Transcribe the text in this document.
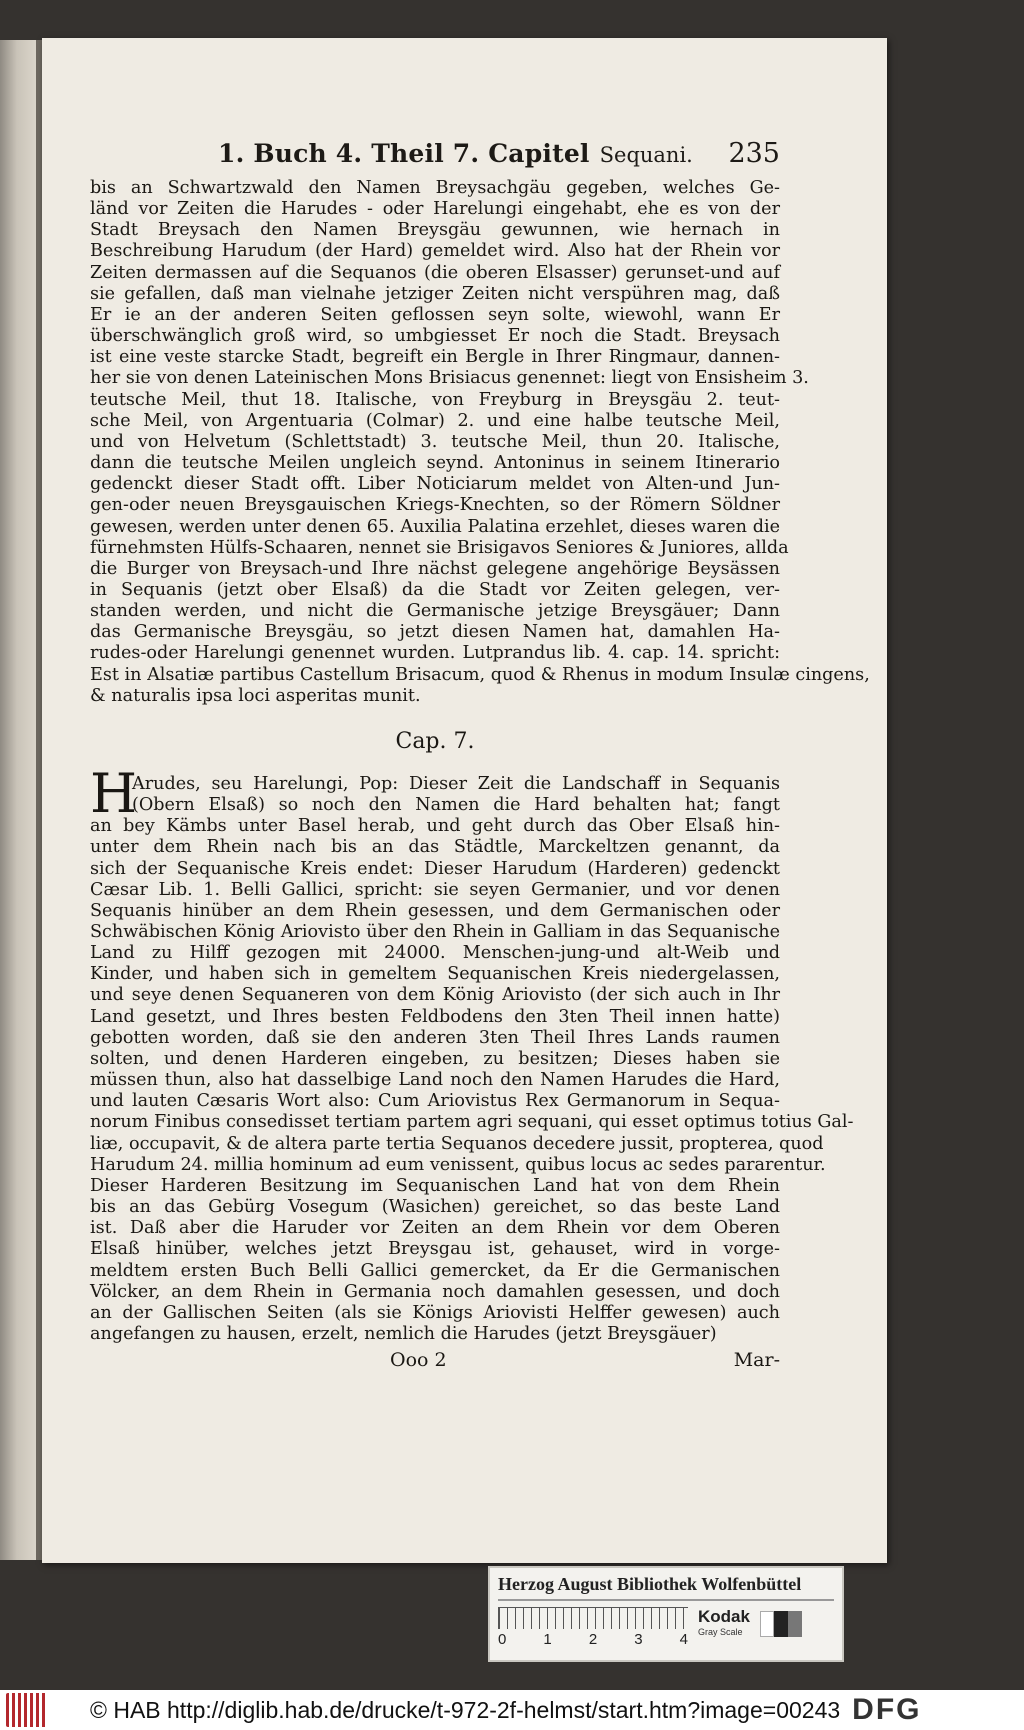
1. Buch 4. Theil 7. Capitel Sequani. 235
bis an Schwartzwald den Namen Breysachgäu gegeben, welches Ge-
länd vor Zeiten die Harudes - oder Harelungi eingehabt, ehe es von der
Stadt Breysach den Namen Breysgäu gewunnen, wie hernach in
Beschreibung Harudum (der Hard) gemeldet wird. Also hat der Rhein vor
Zeiten dermassen auf die Sequanos (die oberen Elsasser) gerunset-und auf
sie gefallen, daß man vielnahe jetziger Zeiten nicht verspühren mag, daß
Er ie an der anderen Seiten geflossen seyn solte, wiewohl, wann Er
überschwänglich groß wird, so umbgiesset Er noch die Stadt. Breysach
ist eine veste starcke Stadt, begreift ein Bergle in Ihrer Ringmaur, dannen-
her sie von denen Lateinischen Mons Brisiacus genennet: liegt von Ensisheim 3.
teutsche Meil, thut 18. Italische, von Freyburg in Breysgäu 2. teut-
sche Meil, von Argentuaria (Colmar) 2. und eine halbe teutsche Meil,
und von Helvetum (Schlettstadt) 3. teutsche Meil, thun 20. Italische,
dann die teutsche Meilen ungleich seynd. Antoninus in seinem Itinerario
gedenckt dieser Stadt offt. Liber Noticiarum meldet von Alten-und Jun-
gen-oder neuen Breysgauischen Kriegs-Knechten, so der Römern Söldner
gewesen, werden unter denen 65. Auxilia Palatina erzehlet, dieses waren die
fürnehmsten Hülfs-Schaaren, nennet sie Brisigavos Seniores & Juniores, allda
die Burger von Breysach-und Ihre nächst gelegene angehörige Beysässen
in Sequanis (jetzt ober Elsaß) da die Stadt vor Zeiten gelegen, ver-
standen werden, und nicht die Germanische jetzige Breysgäuer; Dann
das Germanische Breysgäu, so jetzt diesen Namen hat, damahlen Ha-
rudes-oder Harelungi genennet wurden. Lutprandus lib. 4. cap. 14. spricht:
Est in Alsatiæ partibus Castellum Brisacum, quod & Rhenus in modum Insulæ cingens,
& naturalis ipsa loci asperitas munit.
Cap. 7.
H
Arudes, seu Harelungi, Pop: Dieser Zeit die Landschaff in Sequanis
(Obern Elsaß) so noch den Namen die Hard behalten hat; fangt
an bey Kämbs unter Basel herab, und geht durch das Ober Elsaß hin-
unter dem Rhein nach bis an das Städtle, Marckeltzen genannt, da
sich der Sequanische Kreis endet: Dieser Harudum (Harderen) gedenckt
Cæsar Lib. 1. Belli Gallici, spricht: sie seyen Germanier, und vor denen
Sequanis hinüber an dem Rhein gesessen, und dem Germanischen oder
Schwäbischen König Ariovisto über den Rhein in Galliam in das Sequanische
Land zu Hilff gezogen mit 24000. Menschen-jung-und alt-Weib und
Kinder, und haben sich in gemeltem Sequanischen Kreis niedergelassen,
und seye denen Sequaneren von dem König Ariovisto (der sich auch in Ihr
Land gesetzt, und Ihres besten Feldbodens den 3ten Theil innen hatte)
gebotten worden, daß sie den anderen 3ten Theil Ihres Lands raumen
solten, und denen Harderen eingeben, zu besitzen; Dieses haben sie
müssen thun, also hat dasselbige Land noch den Namen Harudes die Hard,
und lauten Cæsaris Wort also: Cum Ariovistus Rex Germanorum in Sequa-
norum Finibus consedisset tertiam partem agri sequani, qui esset optimus totius Gal-
liæ, occupavit, & de altera parte tertia Sequanos decedere jussit, propterea, quod
Harudum 24. millia hominum ad eum venissent, quibus locus ac sedes pararentur.
Dieser Harderen Besitzung im Sequanischen Land hat von dem Rhein
bis an das Gebürg Vosegum (Wasichen) gereichet, so das beste Land
ist. Daß aber die Haruder vor Zeiten an dem Rhein vor dem Oberen
Elsaß hinüber, welches jetzt Breysgau ist, gehauset, wird in vorge-
meldtem ersten Buch Belli Gallici gemercket, da Er die Germanischen
Völcker, an dem Rhein in Germania noch damahlen gesessen, und doch
an der Gallischen Seiten (als sie Königs Ariovisti Helffer gewesen) auch
angefangen zu hausen, erzelt, nemlich die Harudes (jetzt Breysgäuer)
Ooo 2	Mar-
Herzog August Bibliothek Wolfenbüttel
0 1 2 3 4
Kodak
Gray Scale
© HAB http://diglib.hab.de/drucke/t-972-2f-helmst/start.htm?image=00243 DFG
